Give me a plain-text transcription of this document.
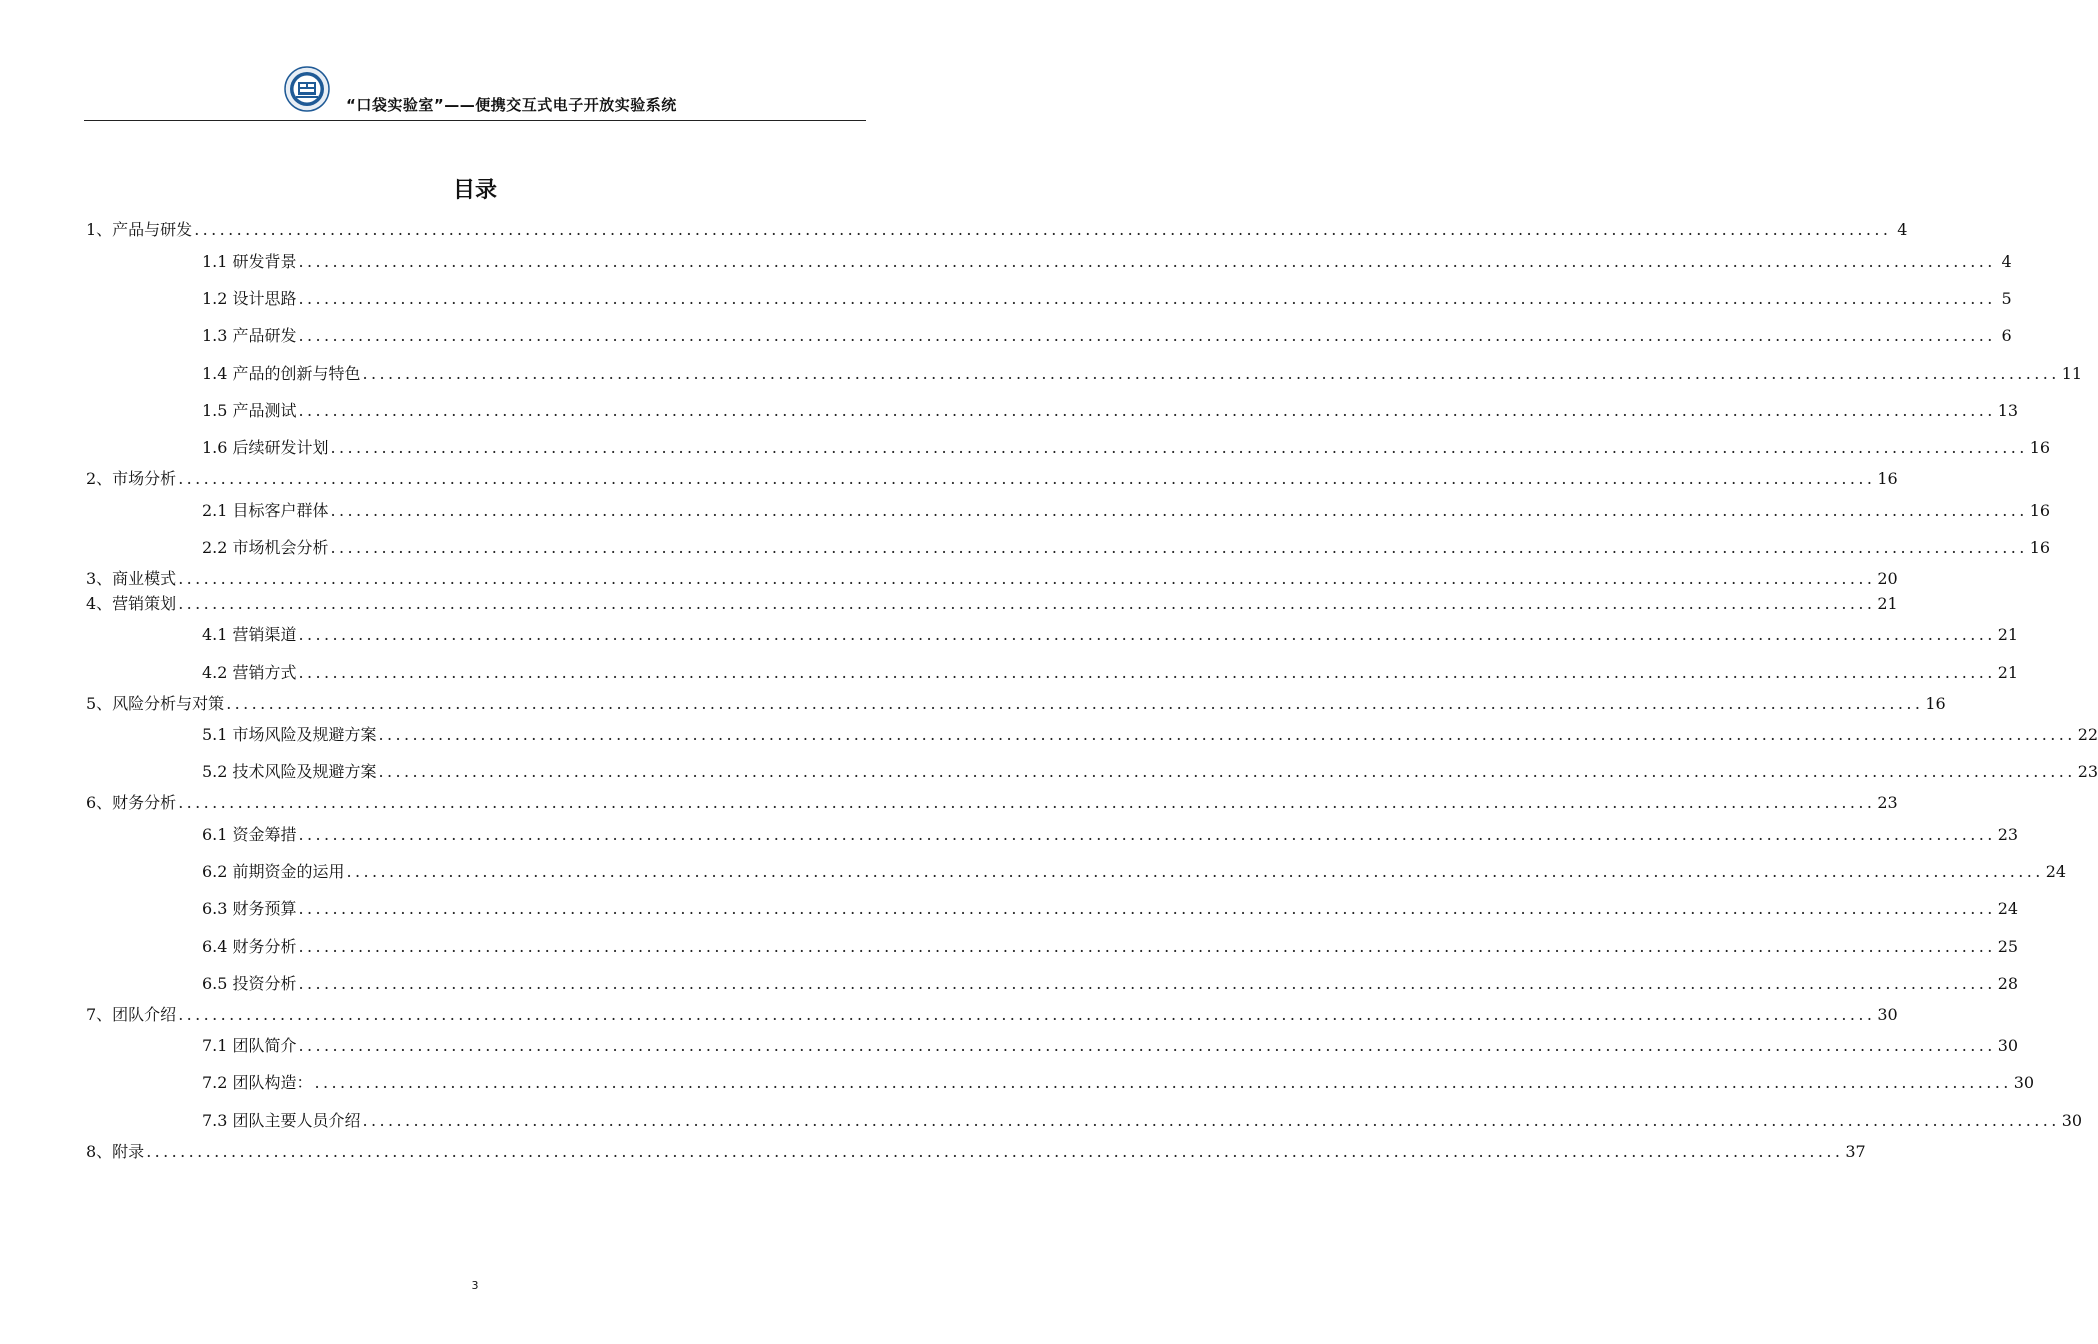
“口袋实验室”——便携交互式电子开放实验系统
目录
1、产品与研发 ........................................................................................................................................................................................................ 4
1.1 研发背景 ........................................................................................................................................................................................................ 4
1.2 设计思路 ........................................................................................................................................................................................................ 5
1.3 产品研发 ........................................................................................................................................................................................................ 6
1.4 产品的创新与特色 ........................................................................................................................................................................................................ 11
1.5 产品测试 ........................................................................................................................................................................................................ 13
1.6 后续研发计划 ........................................................................................................................................................................................................ 16
2、市场分析 ........................................................................................................................................................................................................ 16
2.1 目标客户群体 ........................................................................................................................................................................................................ 16
2.2 市场机会分析 ........................................................................................................................................................................................................ 16
3、商业模式 ........................................................................................................................................................................................................ 20
4、营销策划 ........................................................................................................................................................................................................ 21
4.1 营销渠道 ........................................................................................................................................................................................................ 21
4.2 营销方式 ........................................................................................................................................................................................................ 21
5、风险分析与对策 ........................................................................................................................................................................................................ 16
5.1 市场风险及规避方案 ........................................................................................................................................................................................................ 22
5.2 技术风险及规避方案 ........................................................................................................................................................................................................ 23
6、财务分析 ........................................................................................................................................................................................................ 23
6.1 资金筹措 ........................................................................................................................................................................................................ 23
6.2 前期资金的运用 ........................................................................................................................................................................................................ 24
6.3 财务预算 ........................................................................................................................................................................................................ 24
6.4 财务分析 ........................................................................................................................................................................................................ 25
6.5 投资分析 ........................................................................................................................................................................................................ 28
7、团队介绍 ........................................................................................................................................................................................................ 30
7.1 团队简介 ........................................................................................................................................................................................................ 30
7.2 团队构造： ........................................................................................................................................................................................................ 30
7.3 团队主要人员介绍 ........................................................................................................................................................................................................ 30
8、附录 ........................................................................................................................................................................................................ 37
3
